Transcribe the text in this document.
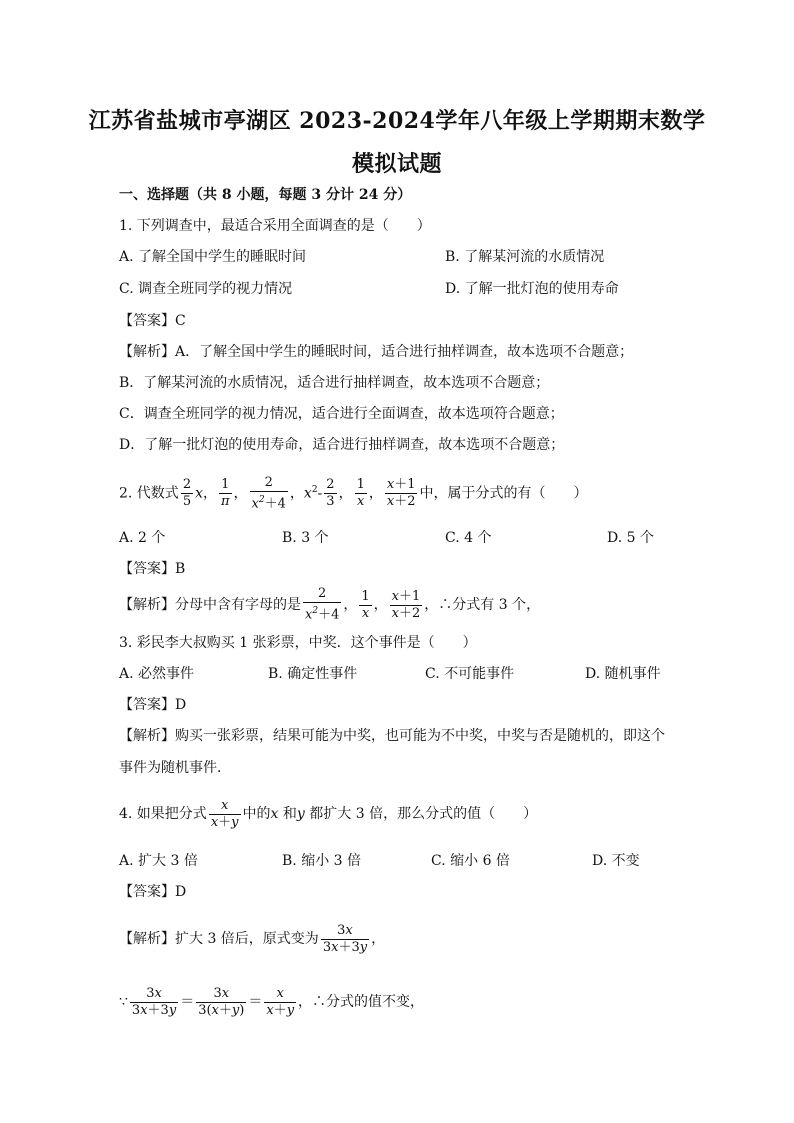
江苏省盐城市亭湖区 2023-2024学年八年级上学期期末数学
模拟试题
一、选择题（共 8 小题，每题 3 分计 24 分）
1. 下列调查中，最适合采用全面调查的是（　　）
A. 了解全国中学生的睡眠时间	B. 了解某河流的水质情况
C. 调查全班同学的视力情况	D. 了解一批灯泡的使用寿命
【答案】C
【解析】A．了解全国中学生的睡眠时间，适合进行抽样调查，故本选项不合题意；
B．了解某河流的水质情况，适合进行抽样调查，故本选项不合题意；
C．调查全班同学的视力情况，适合进行全面调查，故本选项符合题意；
D．了解一批灯泡的使用寿命，适合进行抽样调查，故本选项不合题意；
2. 代数式 $\frac{2}{5}$ x， $\frac{1}{\pi}$ ， $\frac{2}{x^2+4}$ ，$x^2- \frac{2}{3}$ ， $\frac{1}{x}$ ， $\frac{x+1}{x+2}$ 中，属于分式的有（　　）
A. 2 个	B. 3 个	C. 4 个	D. 5 个
【答案】B
【解析】分母中含有字母的是 $\frac{2}{x^2+4}$ ， $\frac{1}{x}$ ， $\frac{x+1}{x+2}$ ，∴分式有 3 个，
3. 彩民李大叔购买 1 张彩票，中奖．这个事件是（　　）
A. 必然事件	B. 确定性事件	C. 不可能事件	D. 随机事件
【答案】D
【解析】购买一张彩票，结果可能为中奖，也可能为不中奖，中奖与否是随机的，即这个
事件为随机事件．
4. 如果把分式 $\frac{x}{x+y}$ 中的x 和y 都扩大 3 倍，那么分式的值（　　）
A. 扩大 3 倍	B. 缩小 3 倍	C. 缩小 6 倍	D. 不变
【答案】D
【解析】扩大 3 倍后，原式变为 $\frac{3x}{3x+3y}$ ，
∵ $\frac{3x}{3x+3y} = \frac{3x}{3(x+y)} = \frac{x}{x+y}$ ，∴分式的值不变，
